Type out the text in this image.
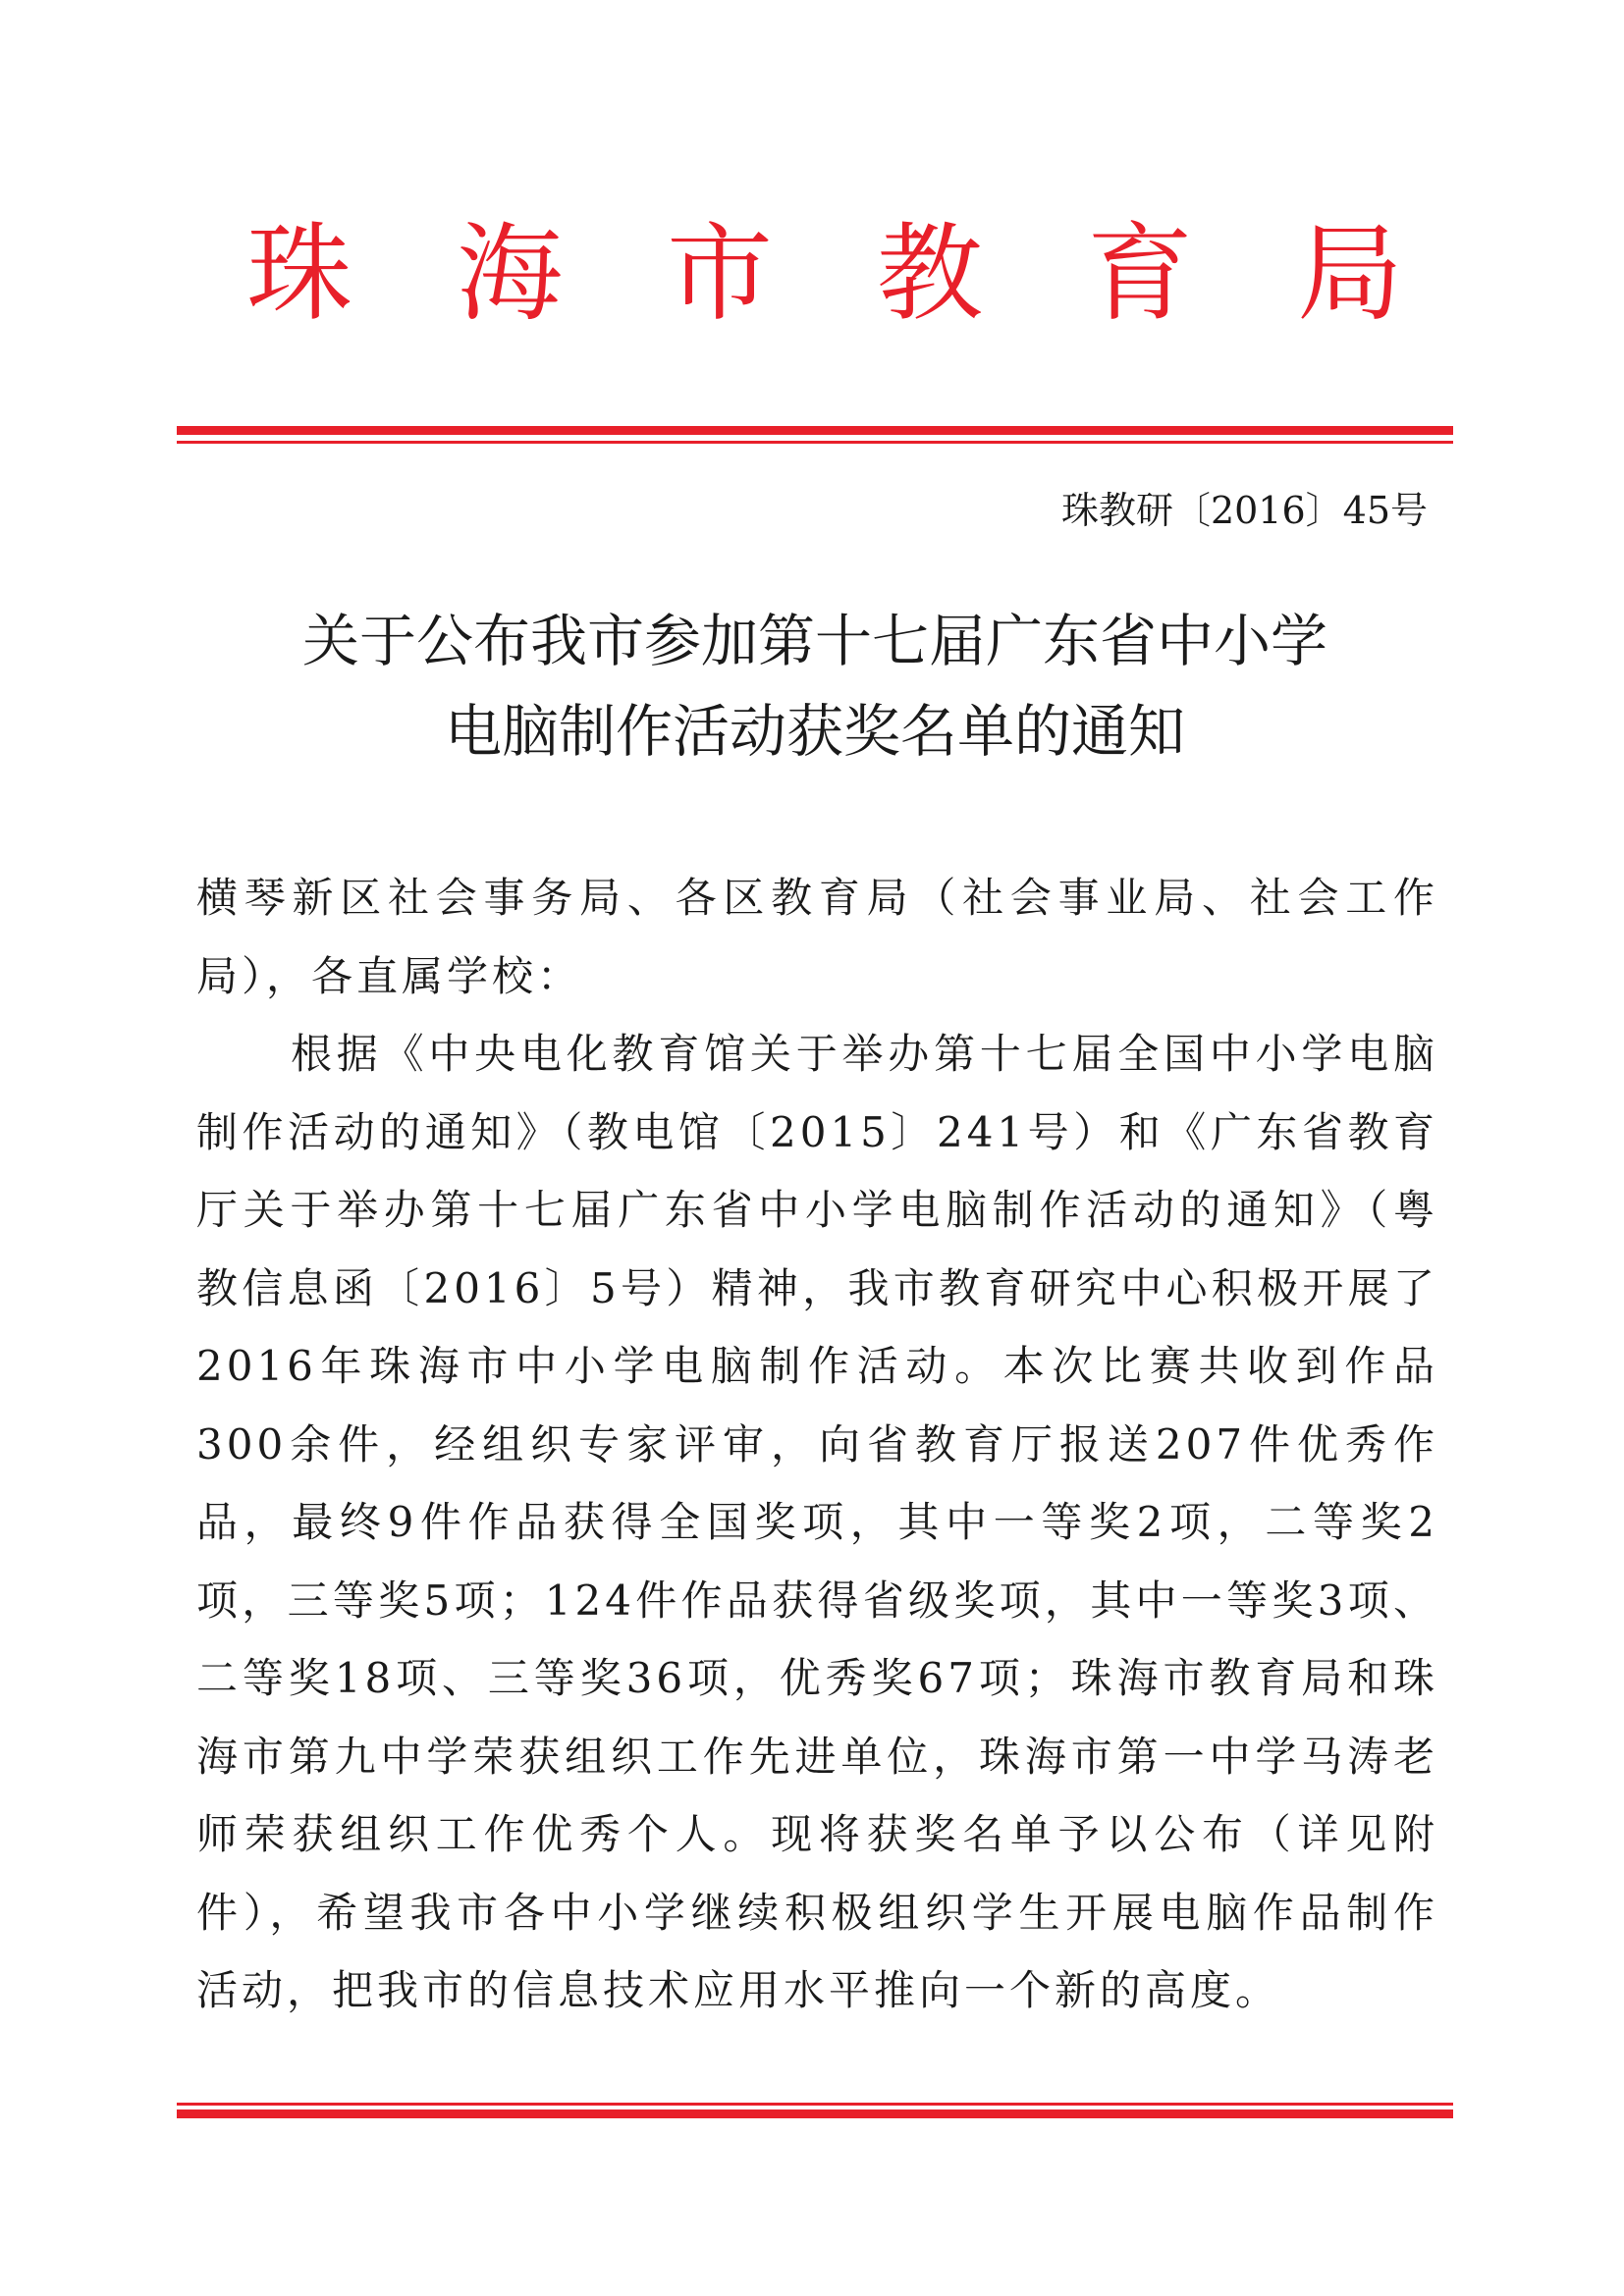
珠 海 市 教 育 局
珠教研〔2016〕45号
关于公布我市参加第十七届广东省中小学
电脑制作活动获奖名单的通知

横琴新区社会事务局、各区教育局（社会事业局、社会工作局），各直属学校：

根据《中央电化教育馆关于举办第十七届全国中小学电脑制作活动的通知》（教电馆〔2015〕241号）和《广东省教育厅关于举办第十七届广东省中小学电脑制作活动的通知》（粤教信息函〔2016〕5号）精神，我市教育研究中心积极开展了2016年珠海市中小学电脑制作活动。本次比赛共收到作品300余件，经组织专家评审，向省教育厅报送207件优秀作品，最终9件作品获得全国奖项，其中一等奖2项，二等奖2项，三等奖5项；124件作品获得省级奖项，其中一等奖3项、二等奖18项、三等奖36项，优秀奖67项；珠海市教育局和珠海市第九中学荣获组织工作先进单位，珠海市第一中学马涛老师荣获组织工作优秀个人。现将获奖名单予以公布（详见附件），希望我市各中小学继续积极组织学生开展电脑作品制作活动，把我市的信息技术应用水平推向一个新的高度。
